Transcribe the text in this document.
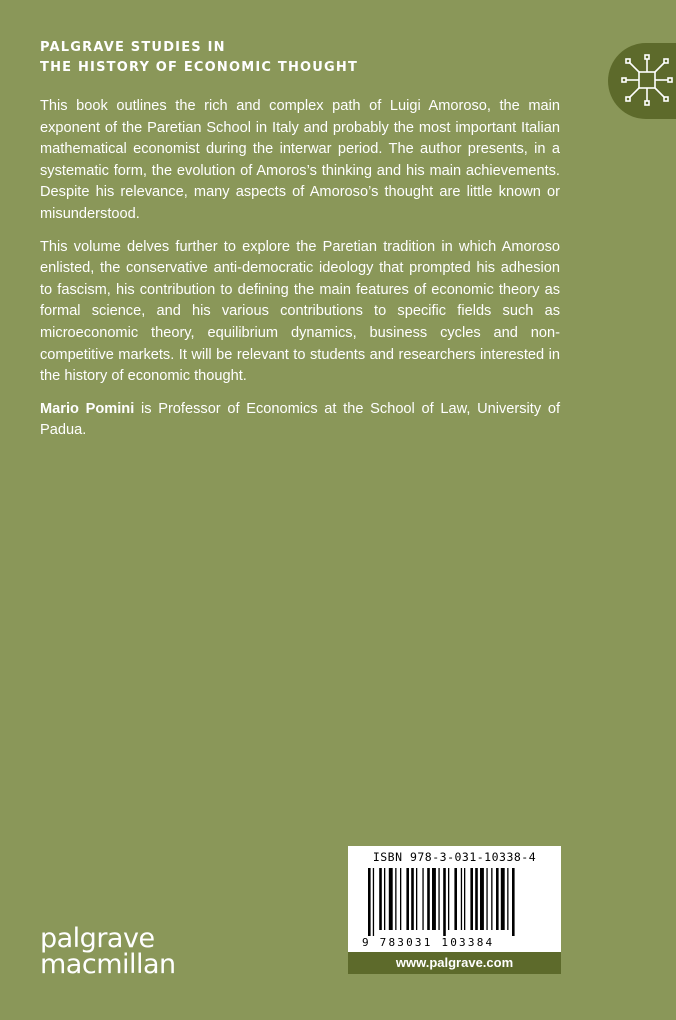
PALGRAVE STUDIES IN
THE HISTORY OF ECONOMIC THOUGHT

This book outlines the rich and complex path of Luigi Amoroso, the main exponent of the Paretian School in Italy and probably the most important Italian mathematical economist during the interwar period. The author presents, in a systematic form, the evolution of Amoros’s thinking and his main achievements. Despite his relevance, many aspects of Amoroso’s thought are little known or misunderstood.

This volume delves further to explore the Paretian tradition in which Amoroso enlisted, the conservative anti-democratic ideology that prompted his adhesion to fascism, his contribution to defining the main features of economic theory as formal science, and his various contributions to specific fields such as microeconomic theory, equilibrium dynamics, business cycles and non-competitive markets. It will be relevant to students and researchers interested in the history of economic thought.

Mario Pomini is Professor of Economics at the School of Law, University of Padua.

ISBN 978-3-031-10338-4
9 783031 103384
www.palgrave.com
palgrave
macmillan
